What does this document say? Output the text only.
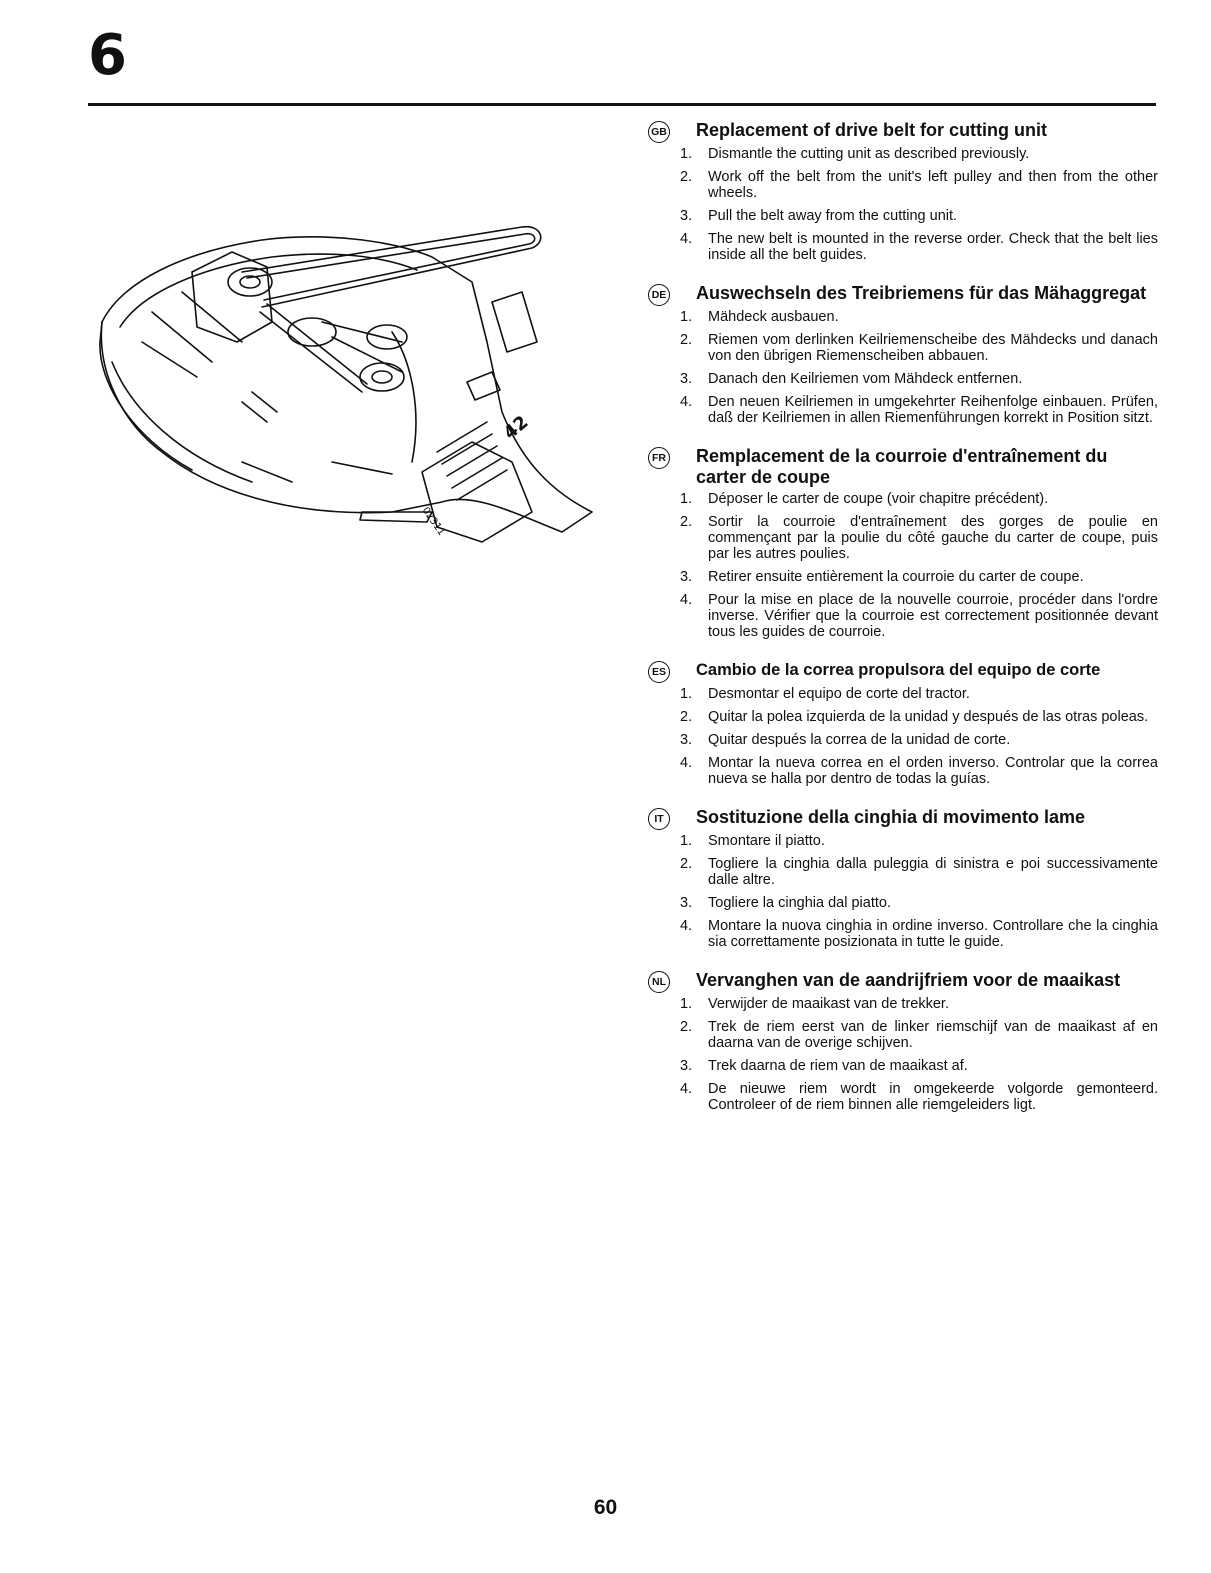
6
42
02311
GB Replacement of drive belt for cutting unit
1.	Dismantle the cutting unit as described previously.
2.	Work off the belt from the unit's left pulley and then from the other wheels.
3.	Pull the belt away from the cutting unit.
4.	The new belt is mounted in the reverse order. Check that the belt lies inside all the belt guides.
DE Auswechseln des Treibriemens für das Mähaggregat
1.	Mähdeck ausbauen.
2.	Riemen vom derlinken Keilriemenscheibe des Mähdecks und danach von den übrigen Riemenscheiben abbauen.
3.	Danach den Keilriemen vom Mähdeck entfernen.
4.	Den neuen Keilriemen in umgekehrter Reihenfolge einbauen. Prüfen, daß der Keilriemen in allen Riemenführungen korrekt in Position sitzt.
FR Remplacement de la courroie d'entraînement du carter de coupe
1.	Déposer le carter de coupe (voir chapitre précédent).
2.	Sortir la courroie d'entraînement des gorges de poulie en commençant par la poulie du côté gauche du carter de coupe, puis par les autres poulies.
3.	Retirer ensuite entièrement la courroie du carter de coupe.
4.	Pour la mise en place de la nouvelle courroie, procéder dans l'ordre inverse. Vérifier que la courroie est correctement positionnée devant tous les guides de courroie.
ES Cambio de la correa propulsora del equipo de corte
1.	Desmontar el equipo de corte del tractor.
2.	Quitar la polea izquierda de la unidad y después de las otras poleas.
3.	Quitar después la correa de la unidad de corte.
4.	Montar la nueva correa en el orden inverso. Controlar que la correa nueva se halla por dentro de todas la guías.
IT	Sostituzione della cinghia di movimento lame
1.	Smontare il piatto.
2.	Togliere la cinghia dalla puleggia di sinistra e poi successivamente dalle altre.
3.	Togliere la cinghia dal piatto.
4.	Montare la nuova cinghia in ordine inverso. Controllare che la cinghia sia correttamente posizionata in tutte le guide.
NL Vervanghen van de aandrijfriem voor de maaikast
1.	Verwijder de maaikast van de trekker.
2.	Trek de riem eerst van de linker riemschijf van de maaikast af en daarna van de overige schijven.
3.	Trek daarna de riem van de maaikast af.
4.	De nieuwe riem wordt in omgekeerde volgorde gemonteerd. Controleer of de riem binnen alle riemgeleiders ligt.
60
